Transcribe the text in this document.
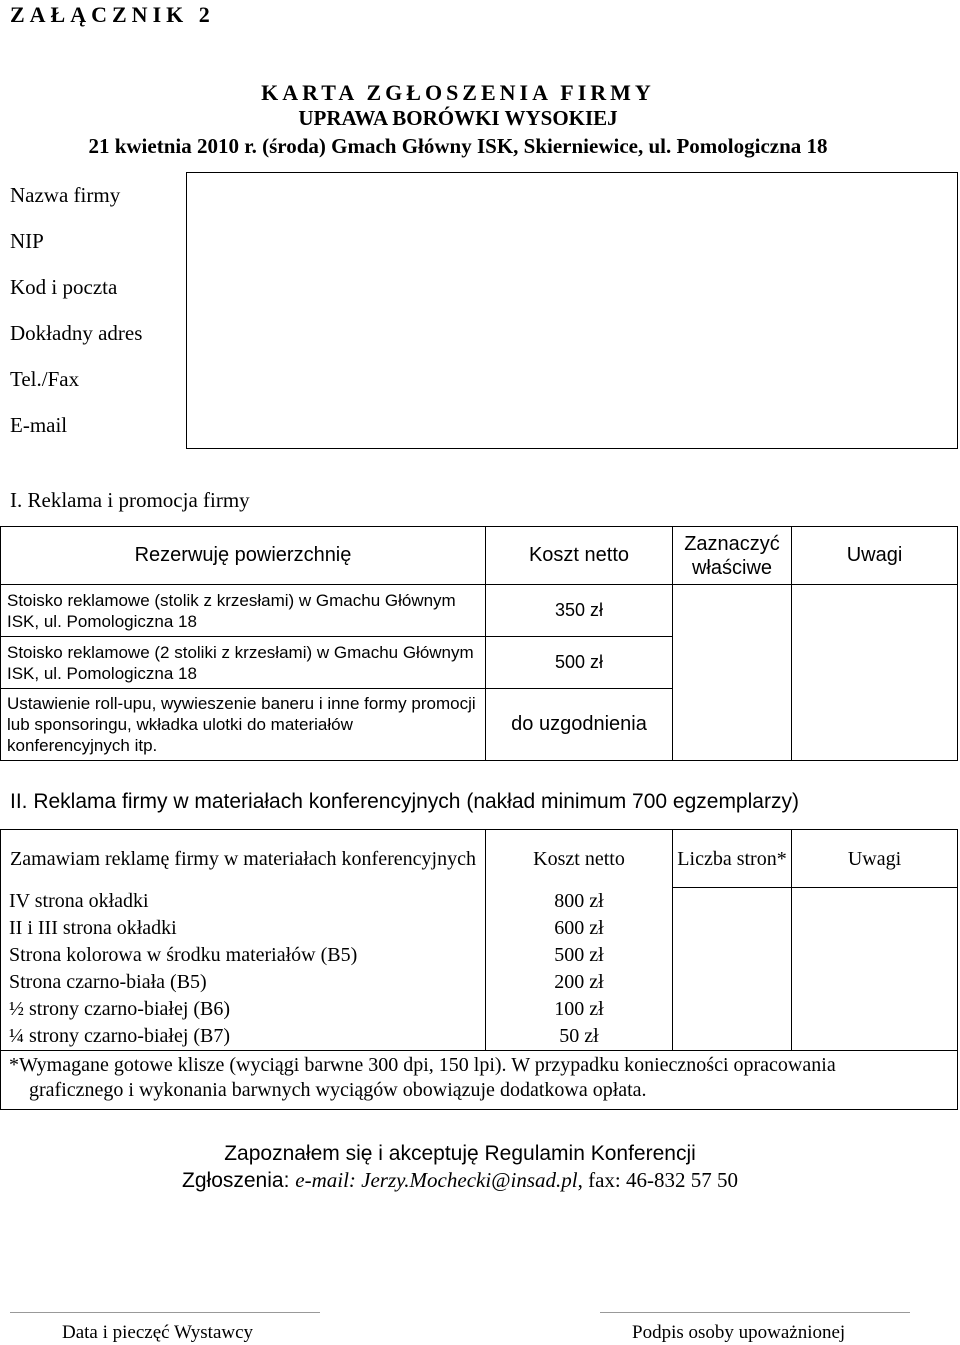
ZAŁĄCZNIK 2
KARTA ZGŁOSZENIA FIRMY
UPRAWA BORÓWKI WYSOKIEJ
21 kwietnia 2010 r. (środa) Gmach Główny ISK, Skierniewice, ul. Pomologiczna 18
Nazwa firmy	
NIP
Kod i poczta
Dokładny adres
Tel./Fax
E-mail
I. Reklama i promocja firmy
Rezerwuję powierzchnię	Koszt netto	Zaznaczyć właściwe	Uwagi
Stoisko reklamowe (stolik z krzesłami) w Gmachu Głównym ISK, ul. Pomologiczna 18	350 zł		
Stoisko reklamowe (2 stoliki z krzesłami) w Gmachu Głównym ISK, ul. Pomologiczna 18	500 zł		
Ustawienie roll-upu, wywieszenie baneru i inne formy promocji lub sponsoringu, wkładka ulotki do materiałów konferencyjnych itp.	do uzgodnienia		
II. Reklama firmy w materiałach konferencyjnych (nakład minimum 700 egzemplarzy)
Zamawiam reklamę firmy w materiałach konferencyjnych	Koszt netto	Liczba stron*	Uwagi
IV strona okładki	800 zł		
II i III strona okładki	600 zł		
Strona kolorowa w środku materiałów (B5)	500 zł		
Strona czarno-biała (B5)	200 zł		
½ strony czarno-białej (B6)	100 zł		
¼ strony czarno-białej (B7)	50 zł		
*Wymagane gotowe klisze (wyciągi barwne 300 dpi, 150 lpi). W przypadku konieczności opracowania
graficznego i wykonania barwnych wyciągów obowiązuje dodatkowa opłata.			
Zapoznałem się i akceptuję Regulamin Konferencji
Zgłoszenia: e-mail: Jerzy.Mochecki@insad.pl, fax: 46-832 57 50
Data i pieczęć Wystawcy	Podpis osoby upoważnionej
